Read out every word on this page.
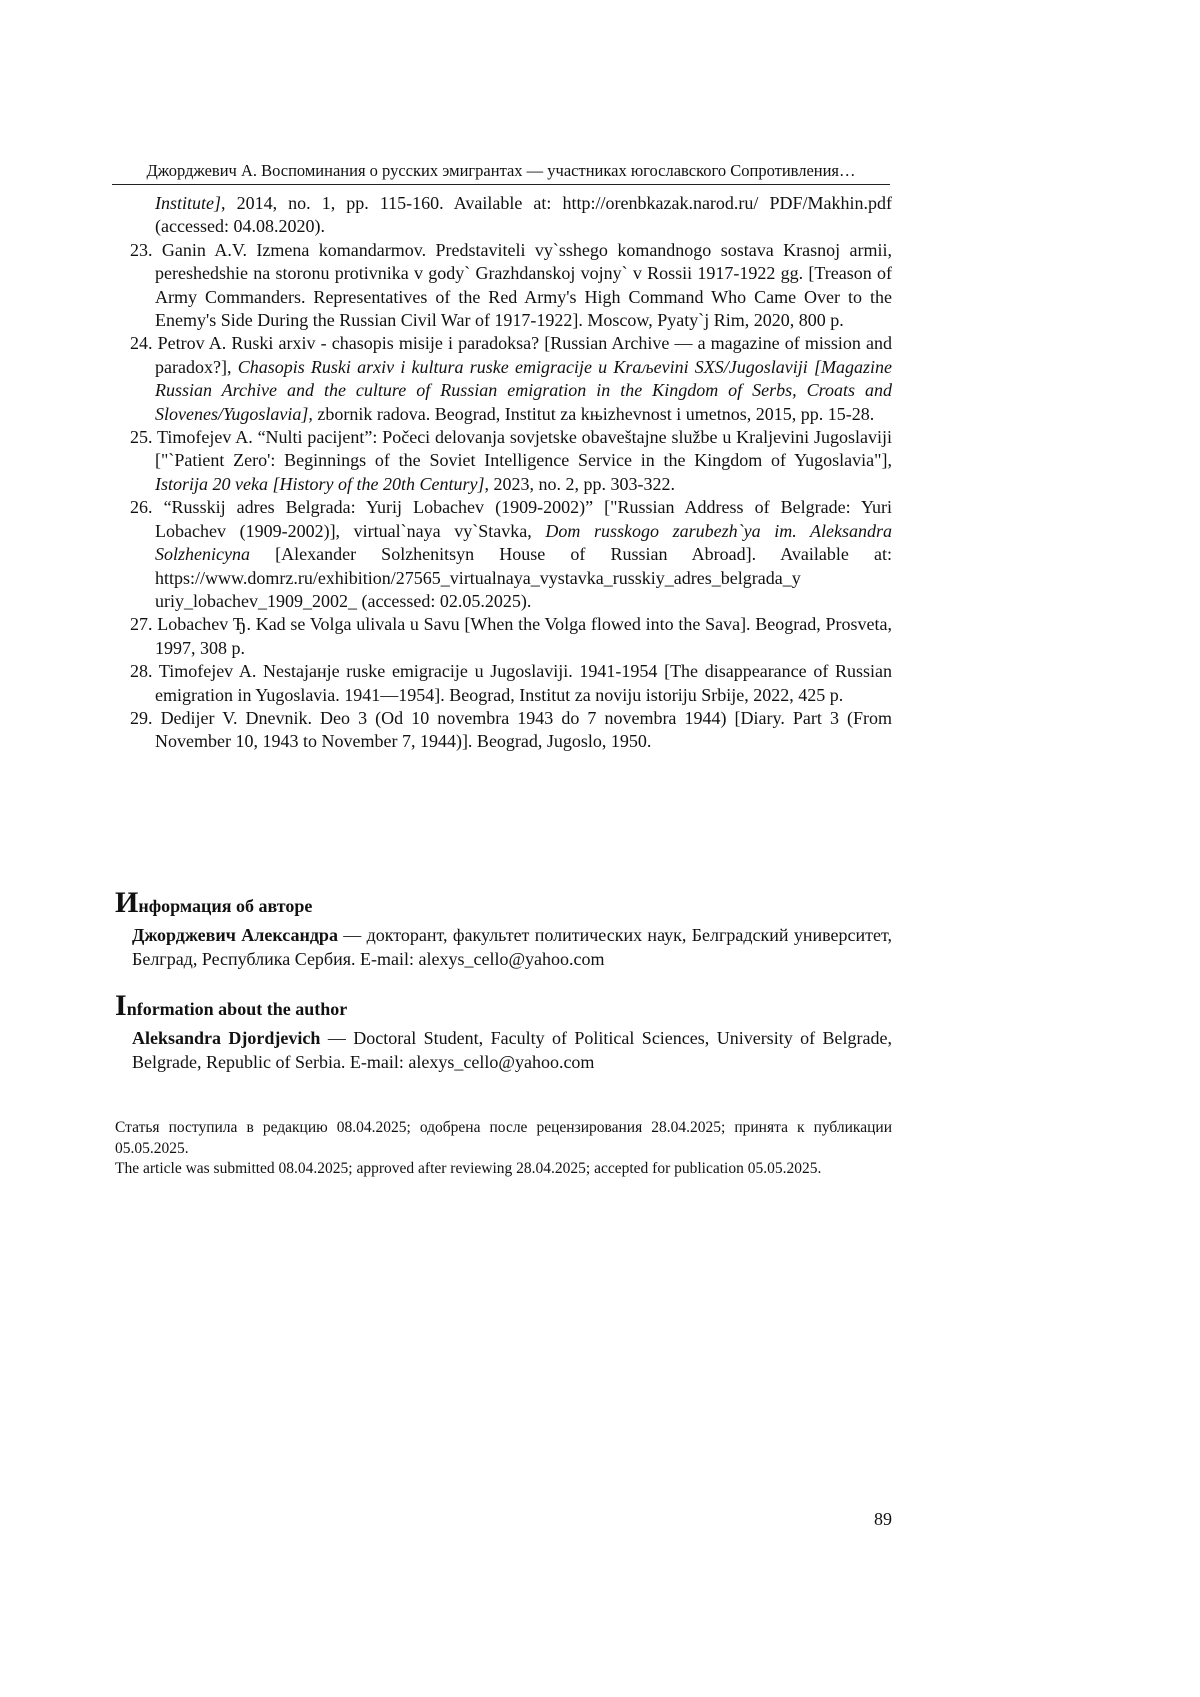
Джорджевич А. Воспоминания о русских эмигрантах — участниках югославского Сопротивления…

Institute], 2014, no. 1, pp. 115-160. Available at: http://orenbkazak.narod.ru/ PDF/Makhin.pdf (accessed: 04.08.2020).

23. Ganin A.V. Izmena komandarmov. Predstaviteli vy`sshego komandnogo sostava Krasnoj armii, pereshedshie na storonu protivnika v gody` Grazhdanskoj vojny` v Rossii 1917-1922 gg. [Treason of Army Commanders. Representatives of the Red Army's High Com­mand Who Came Over to the Enemy's Side During the Russian Civil War of 1917-1922]. Moscow, Pyaty`j Rim, 2020, 800 p.

24. Petrov A. Ruski arxiv - chasopis misije i paradoksa? [Russian Archive — a magazine of mission and paradox?], Chasopis Ruski arxiv i kultura ruske emigracije u Kraљevini SXS/Jugoslaviji [Magazine Russian Archive and the culture of Russian emigration in the Kingdom of Serbs, Croats and Slovenes/Yugoslavia], zbornik radova. Beograd, Institut za kњizhevnost i umetnos, 2015, pp. 15-28.

25. Timofejev A. “Nulti pacijent”: Počeci delovanja sovjetske obaveštajne službe u Kraljevini Jugoslaviji ["`Patient Zero': Beginnings of the Soviet Intelligence Service in the Kingdom of Yugoslavia"], Istorija 20 veka [History of the 20th Century], 2023, no. 2, pp. 303-322.

26. “Russkij adres Belgrada: Yurij Lobachev (1909-2002)” ["Russian Address of Belgrade: Yuri Lobachev (1909-2002)], virtual`naya vy`Stavka, Dom russkogo zarubezh`ya im. Ale­ksandra Solzhenicyna [Alexander Solzhenitsyn House of Russian Abroad]. Available at: https://www.domrz.ru/exhibition/27565_virtualnaya_vystavka_russkiy_adres_belgrada_y uriy_lobachev_1909_2002_ (accessed: 02.05.2025).

27. Lobachev Ђ. Kad se Volga ulivala u Savu [When the Volga flowed into the Sava]. Beo­grad, Prosveta, 1997, 308 p.

28. Timofejev A. Nestajaнје ruske emigracije u Jugoslaviji. 1941-1954 [The disappearance of Russian emigration in Yugoslavia. 1941—1954]. Beograd, Institut za noviju istoriju Srbije, 2022, 425 p.

29. Dedijer V. Dnevnik. Deo 3 (Od 10 novembra 1943 do 7 novembra 1944) [Diary. Part 3 (From November 10, 1943 to November 7, 1944)]. Beograd, Jugoslo, 1950.

Информация об авторе

Джорджевич Александра — докторант, факультет политических наук, Белградский университет, Белград, Республика Сербия. E-mail: alexys_cello@yahoo.com

Information about the author

Aleksandra Djordjevich — Doctoral Student, Faculty of Political Sciences, University of Belgrade, Belgrade, Republic of Serbia. E-mail: alexys_cello@yahoo.com

Статья поступила в редакцию 08.04.2025; одобрена после рецензирования 28.04.2025; принята к публикации 05.05.2025.

The article was submitted 08.04.2025; approved after reviewing 28.04.2025; accepted for publication 05.05.2025.

89
